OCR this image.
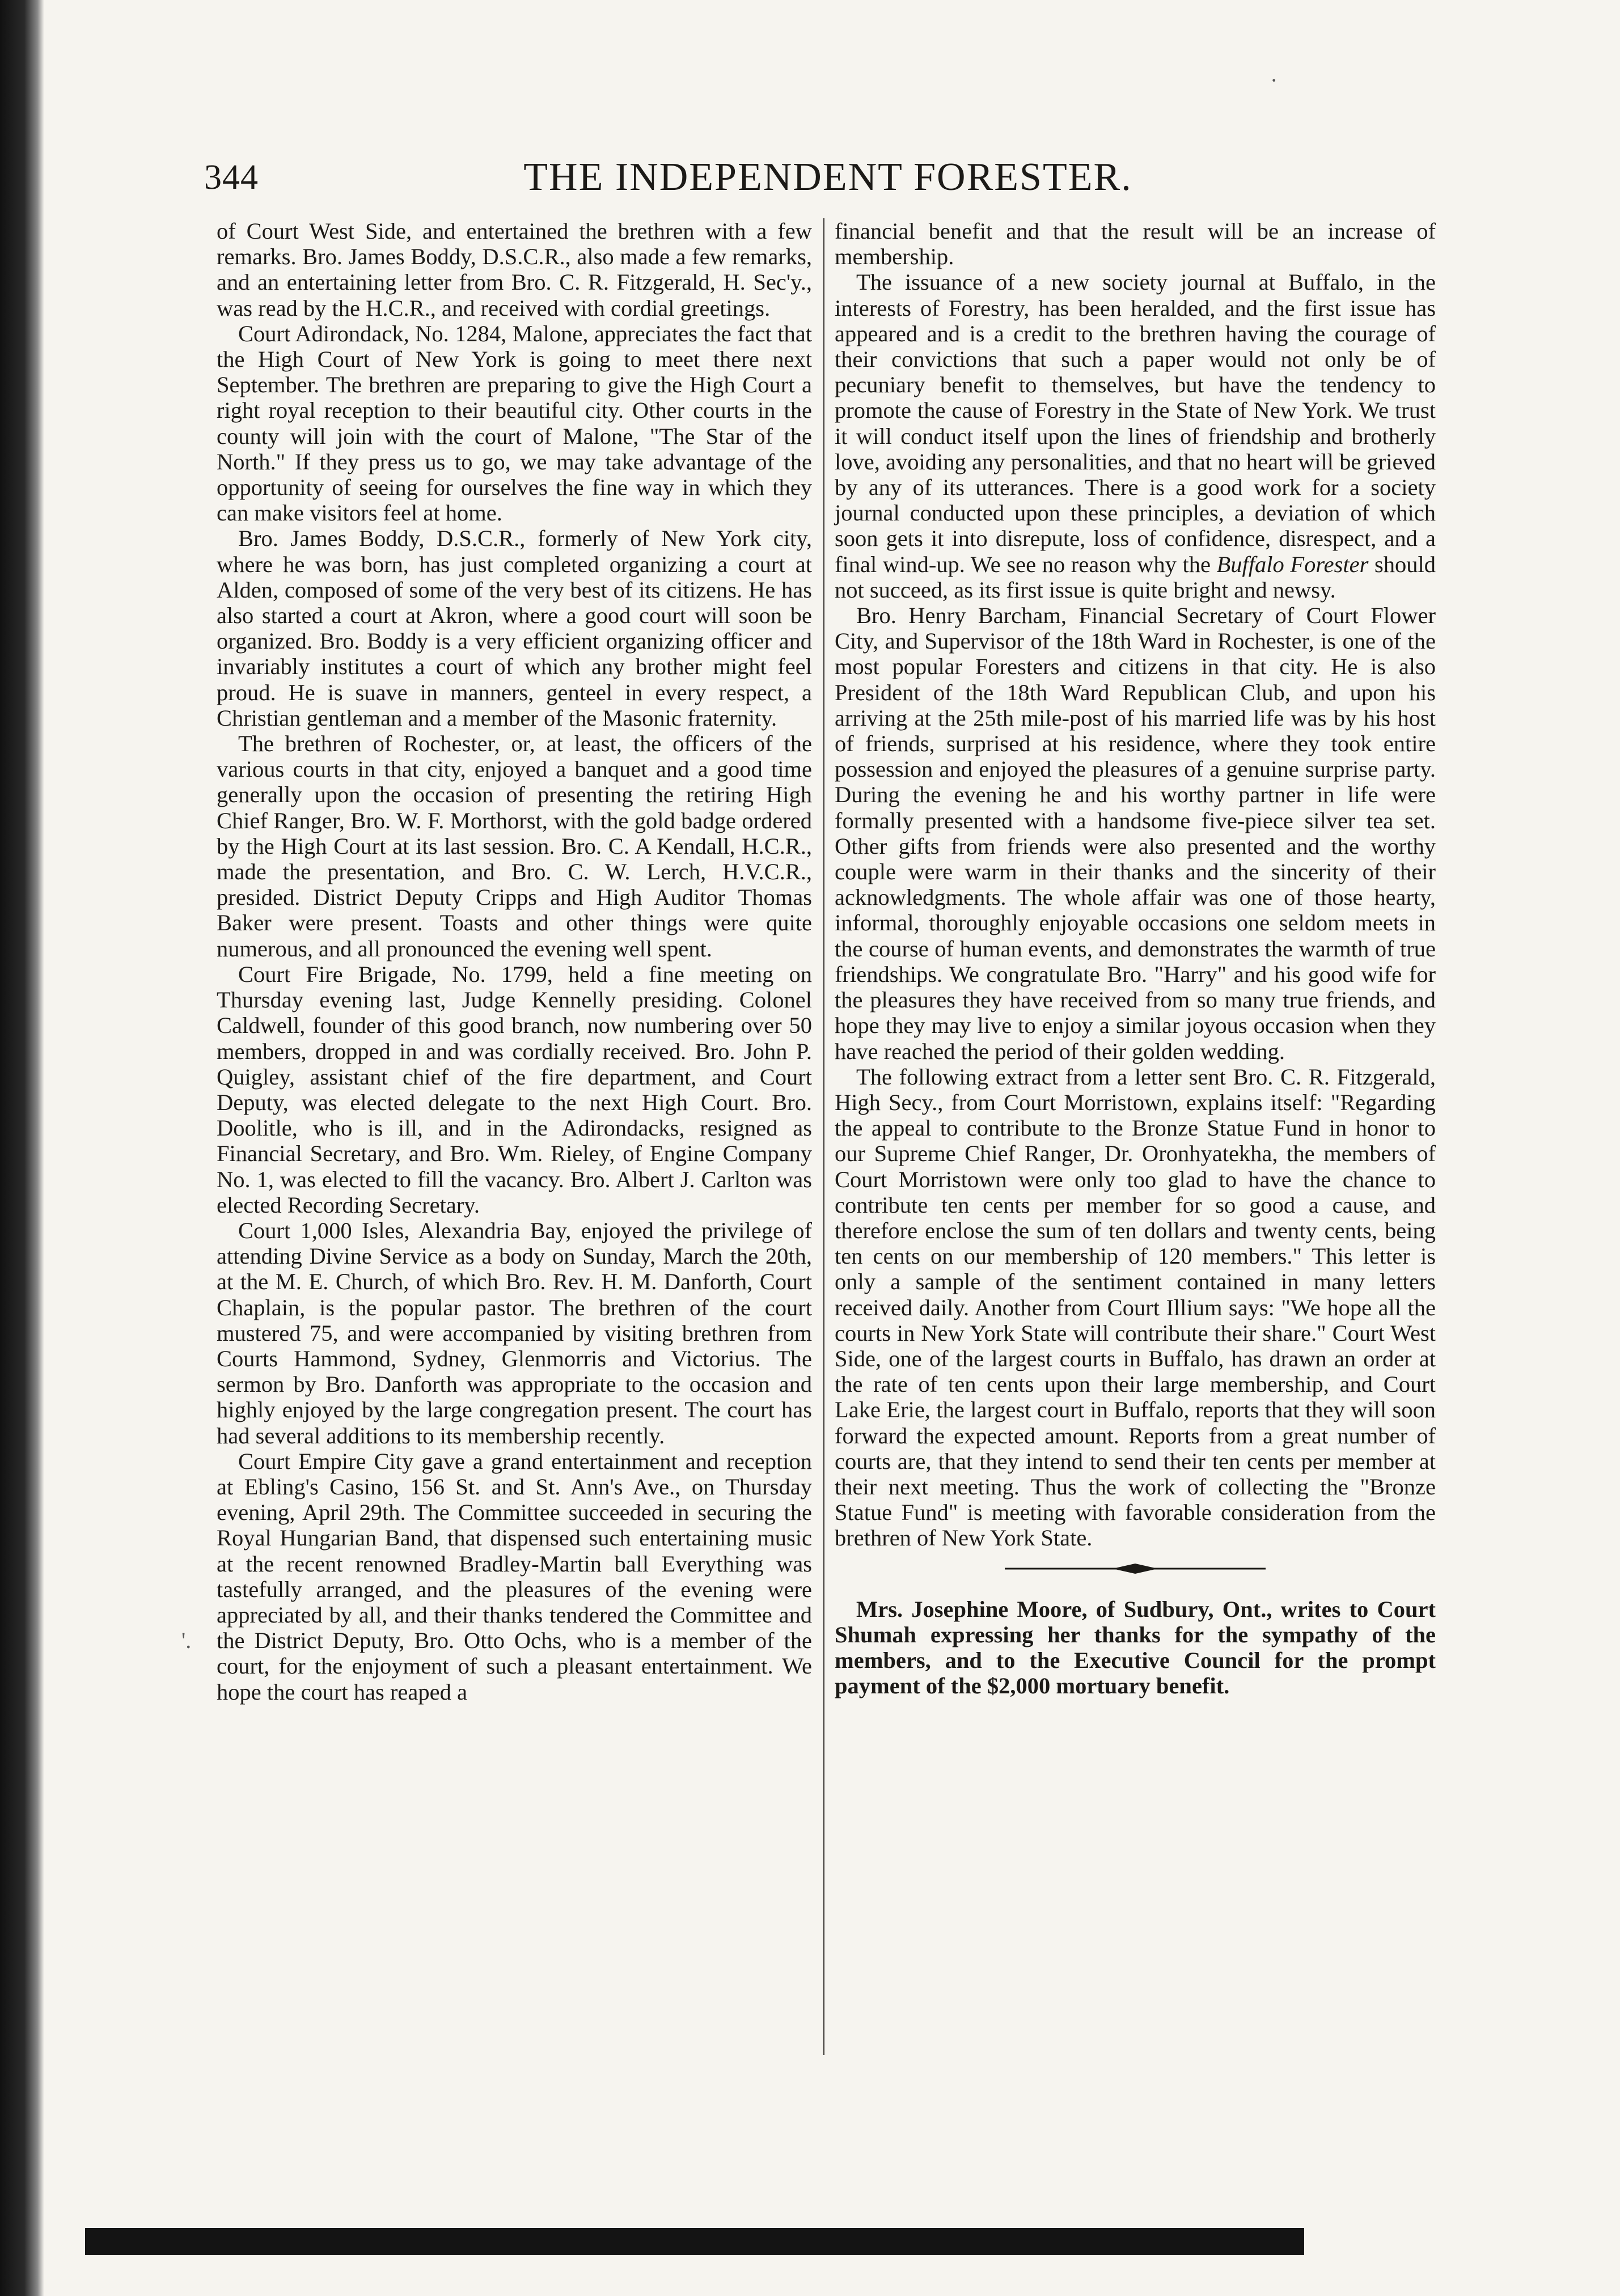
·
'.
344	THE INDEPENDENT FORESTER.

of Court West Side, and entertained the brethren with a few remarks. Bro. James Boddy, D.S.C.R., also made a few remarks, and an entertaining letter from Bro. C. R. Fitzgerald, H. Sec'y., was read by the H.C.R., and received with cordial greetings.

Court Adirondack, No. 1284, Malone, appreciates the fact that the High Court of New York is going to meet there next September. The brethren are preparing to give the High Court a right royal reception to their beautiful city. Other courts in the county will join with the court of Malone, "The Star of the North." If they press us to go, we may take advantage of the opportunity of seeing for ourselves the fine way in which they can make visitors feel at home.

Bro. James Boddy, D.S.C.R., formerly of New York city, where he was born, has just completed organizing a court at Alden, composed of some of the very best of its citizens. He has also started a court at Akron, where a good court will soon be organized. Bro. Boddy is a very efficient organizing officer and invariably institutes a court of which any brother might feel proud. He is suave in manners, genteel in every respect, a Christian gentleman and a member of the Masonic fraternity.

The brethren of Rochester, or, at least, the officers of the various courts in that city, enjoyed a banquet and a good time generally upon the occasion of presenting the retiring High Chief Ranger, Bro. W. F. Morthorst, with the gold badge ordered by the High Court at its last session. Bro. C. A Kendall, H.C.R., made the presentation, and Bro. C. W. Lerch, H.V.C.R., presided. District Deputy Cripps and High Auditor Thomas Baker were present. Toasts and other things were quite numerous, and all pronounced the evening well spent.

Court Fire Brigade, No. 1799, held a fine meeting on Thursday evening last, Judge Kennelly presiding. Colonel Caldwell, founder of this good branch, now numbering over 50 members, dropped in and was cordially received. Bro. John P. Quigley, assistant chief of the fire department, and Court Deputy, was elected delegate to the next High Court. Bro. Doolitle, who is ill, and in the Adirondacks, resigned as Financial Secretary, and Bro. Wm. Rieley, of Engine Company No. 1, was elected to fill the vacancy. Bro. Albert J. Carlton was elected Recording Secretary.

Court 1,000 Isles, Alexandria Bay, enjoyed the privilege of attending Divine Service as a body on Sunday, March the 20th, at the M. E. Church, of which Bro. Rev. H. M. Danforth, Court Chaplain, is the popular pastor. The brethren of the court mustered 75, and were accompanied by visiting brethren from Courts Hammond, Sydney, Glenmorris and Victorius. The sermon by Bro. Danforth was appropriate to the occasion and highly enjoyed by the large congregation present. The court has had several additions to its membership recently.

Court Empire City gave a grand entertainment and reception at Ebling's Casino, 156 St. and St. Ann's Ave., on Thursday evening, April 29th. The Committee succeeded in securing the Royal Hungarian Band, that dispensed such entertaining music at the recent renowned Bradley-Martin ball Everything was tastefully arranged, and the pleasures of the evening were appreciated by all, and their thanks tendered the Committee and the District Deputy, Bro. Otto Ochs, who is a member of the court, for the enjoyment of such a pleasant entertainment. We hope the court has reaped a

financial benefit and that the result will be an increase of membership.

The issuance of a new society journal at Buffalo, in the interests of Forestry, has been heralded, and the first issue has appeared and is a credit to the brethren having the courage of their convictions that such a paper would not only be of pecuniary benefit to themselves, but have the tendency to promote the cause of Forestry in the State of New York. We trust it will conduct itself upon the lines of friendship and brotherly love, avoiding any personalities, and that no heart will be grieved by any of its utterances. There is a good work for a society journal conducted upon these principles, a deviation of which soon gets it into disrepute, loss of confidence, disrespect, and a final wind-up. We see no reason why the Buffalo Forester should not succeed, as its first issue is quite bright and newsy.

Bro. Henry Barcham, Financial Secretary of Court Flower City, and Supervisor of the 18th Ward in Rochester, is one of the most popular Foresters and citizens in that city. He is also President of the 18th Ward Republican Club, and upon his arriving at the 25th mile-post of his married life was by his host of friends, surprised at his residence, where they took entire possession and enjoyed the pleasures of a genuine surprise party. During the evening he and his worthy partner in life were formally presented with a handsome five-piece silver tea set. Other gifts from friends were also presented and the worthy couple were warm in their thanks and the sincerity of their acknowledgments. The whole affair was one of those hearty, informal, thoroughly enjoyable occasions one seldom meets in the course of human events, and demonstrates the warmth of true friendships. We congratulate Bro. "Harry" and his good wife for the pleasures they have received from so many true friends, and hope they may live to enjoy a similar joyous occasion when they have reached the period of their golden wedding.

The following extract from a letter sent Bro. C. R. Fitzgerald, High Secy., from Court Morristown, explains itself: "Regarding the appeal to contribute to the Bronze Statue Fund in honor to our Supreme Chief Ranger, Dr. Oronhyatekha, the members of Court Morristown were only too glad to have the chance to contribute ten cents per member for so good a cause, and therefore enclose the sum of ten dollars and twenty cents, being ten cents on our membership of 120 members." This letter is only a sample of the sentiment contained in many letters received daily. Another from Court Illium says: "We hope all the courts in New York State will contribute their share." Court West Side, one of the largest courts in Buffalo, has drawn an order at the rate of ten cents upon their large membership, and Court Lake Erie, the largest court in Buffalo, reports that they will soon forward the expected amount. Reports from a great number of courts are, that they intend to send their ten cents per member at their next meeting. Thus the work of collecting the "Bronze Statue Fund" is meeting with favorable consideration from the brethren of New York State.

Mrs. Josephine Moore, of Sudbury, Ont., writes to Court Shumah expressing her thanks for the sympathy of the members, and to the Executive Council for the prompt payment of the $2,000 mortuary benefit.
